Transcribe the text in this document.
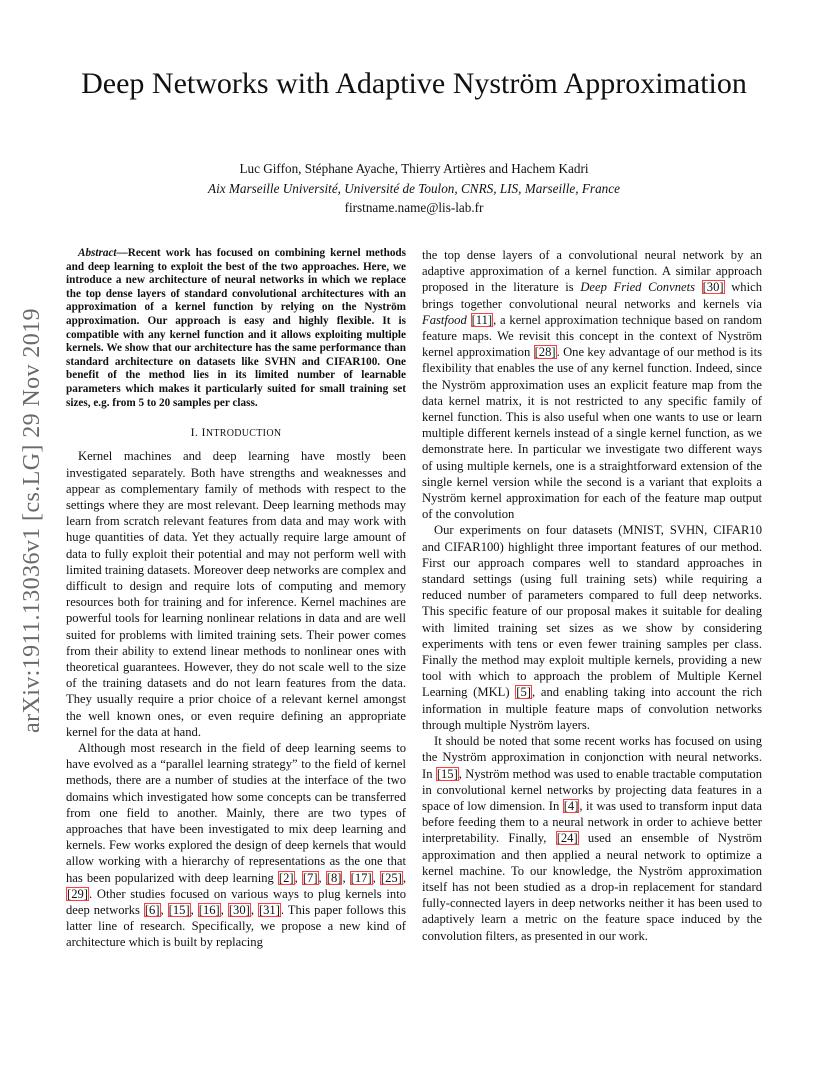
arXiv:1911.13036v1 [cs.LG] 29 Nov 2019
Deep Networks with Adaptive Nyström Approximation
Luc Giffon, Stéphane Ayache, Thierry Artières and Hachem Kadri
Aix Marseille Université, Université de Toulon, CNRS, LIS, Marseille, France
firstname.name@lis-lab.fr

Abstract—Recent work has focused on combining kernel methods and deep learning to exploit the best of the two approaches. Here, we introduce a new architecture of neural networks in which we replace the top dense layers of standard convolutional architectures with an approximation of a kernel function by relying on the Nyström approximation. Our approach is easy and highly flexible. It is compatible with any kernel function and it allows exploiting multiple kernels. We show that our architecture has the same performance than standard architecture on datasets like SVHN and CIFAR100. One benefit of the method lies in its limited number of learnable parameters which makes it particularly suited for small training set sizes, e.g. from 5 to 20 samples per class.

I. INTRODUCTION

Kernel machines and deep learning have mostly been investigated separately. Both have strengths and weaknesses and appear as complementary family of methods with respect to the settings where they are most relevant. Deep learning methods may learn from scratch relevant features from data and may work with huge quantities of data. Yet they actually require large amount of data to fully exploit their potential and may not perform well with limited training datasets. Moreover deep networks are complex and difficult to design and require lots of computing and memory resources both for training and for inference. Kernel machines are powerful tools for learning nonlinear relations in data and are well suited for problems with limited training sets. Their power comes from their ability to extend linear methods to nonlinear ones with theoretical guarantees. However, they do not scale well to the size of the training datasets and do not learn features from the data. They usually require a prior choice of a relevant kernel amongst the well known ones, or even require defining an appropriate kernel for the data at hand.

Although most research in the field of deep learning seems to have evolved as a “parallel learning strategy” to the field of kernel methods, there are a number of studies at the interface of the two domains which investigated how some concepts can be transferred from one field to another. Mainly, there are two types of approaches that have been investigated to mix deep learning and kernels. Few works explored the design of deep kernels that would allow working with a hierarchy of representations as the one that has been popularized with deep learning [2], [7], [8], [17], [25], [29]. Other studies focused on various ways to plug kernels into deep networks [6], [15], [16], [30], [31]. This paper follows this latter line of research. Specifically, we propose a new kind of architecture which is built by replacing

the top dense layers of a convolutional neural network by an adaptive approximation of a kernel function. A similar approach proposed in the literature is Deep Fried Convnets [30] which brings together convolutional neural networks and kernels via Fastfood [11], a kernel approximation technique based on random feature maps. We revisit this concept in the context of Nyström kernel approximation [28]. One key advantage of our method is its flexibility that enables the use of any kernel function. Indeed, since the Nyström approximation uses an explicit feature map from the data kernel matrix, it is not restricted to any specific family of kernel function. This is also useful when one wants to use or learn multiple different kernels instead of a single kernel function, as we demonstrate here. In particular we investigate two different ways of using multiple kernels, one is a straightforward extension of the single kernel version while the second is a variant that exploits a Nyström kernel approximation for each of the feature map output of the convolution

Our experiments on four datasets (MNIST, SVHN, CIFAR10 and CIFAR100) highlight three important features of our method. First our approach compares well to standard approaches in standard settings (using full training sets) while requiring a reduced number of parameters compared to full deep networks. This specific feature of our proposal makes it suitable for dealing with limited training set sizes as we show by considering experiments with tens or even fewer training samples per class. Finally the method may exploit multiple kernels, providing a new tool with which to approach the problem of Multiple Kernel Learning (MKL) [5], and enabling taking into account the rich information in multiple feature maps of convolution networks through multiple Nyström layers.

It should be noted that some recent works has focused on using the Nyström approximation in conjonction with neural networks. In [15], Nyström method was used to enable tractable computation in convolutional kernel networks by projecting data features in a space of low dimension. In [4], it was used to transform input data before feeding them to a neural network in order to achieve better interpretability. Finally, [24] used an ensemble of Nyström approximation and then applied a neural network to optimize a kernel machine. To our knowledge, the Nyström approximation itself has not been studied as a drop-in replacement for standard fully-connected layers in deep networks neither it has been used to adaptively learn a metric on the feature space induced by the convolution filters, as presented in our work.
